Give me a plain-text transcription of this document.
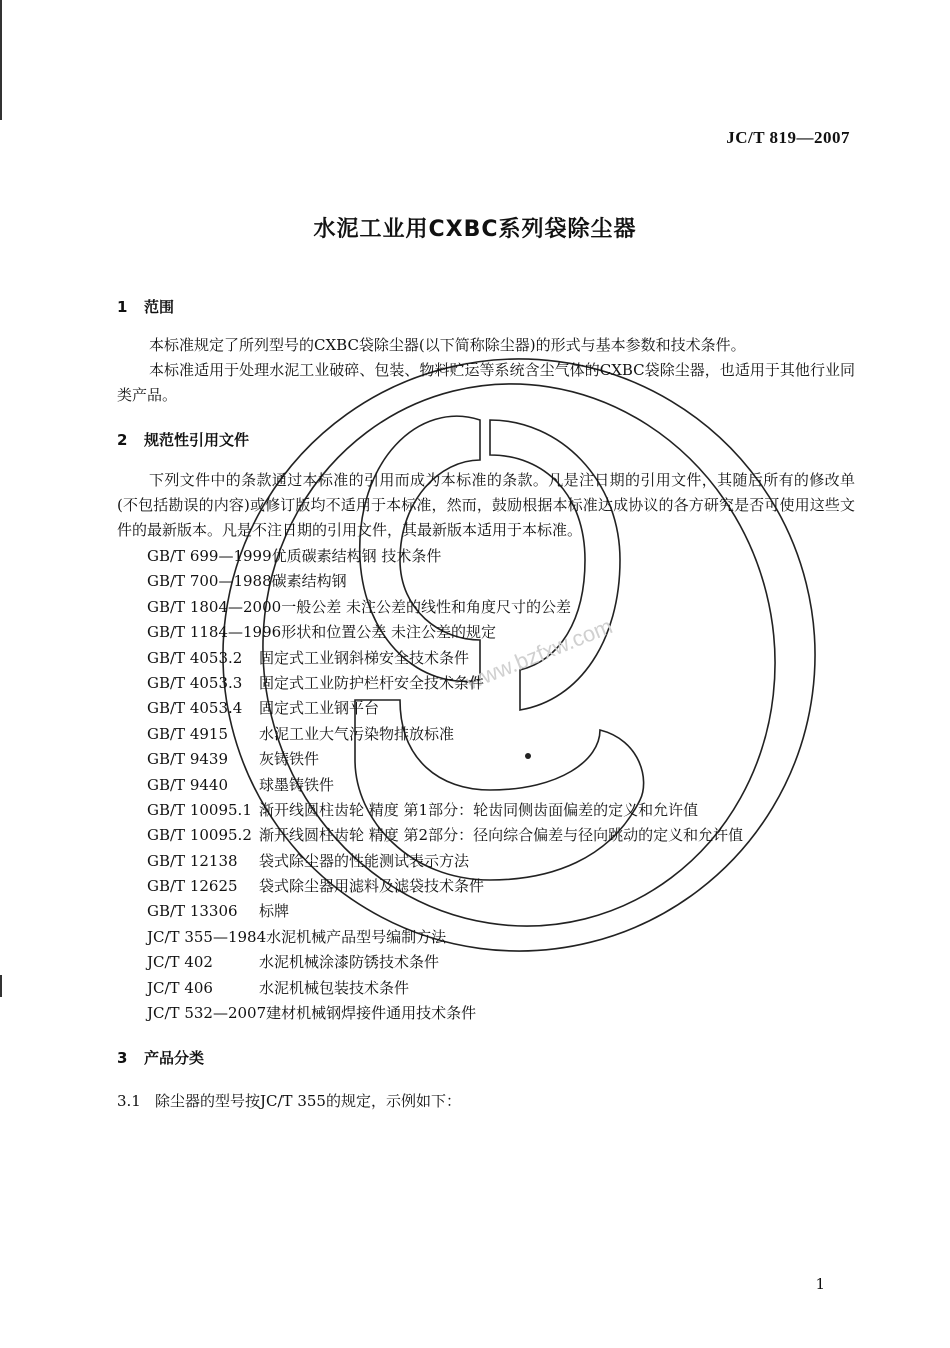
www.bzfxw.com
JC/T 819—2007
水泥工业用CXBC系列袋除尘器
1 范围
本标准规定了所列型号的CXBC袋除尘器(以下简称除尘器)的形式与基本参数和技术条件。
本标准适用于处理水泥工业破碎、包装、物料贮运等系统含尘气体的CXBC袋除尘器，也适用于其他行业同类产品。
2 规范性引用文件
下列文件中的条款通过本标准的引用而成为本标准的条款。凡是注日期的引用文件，其随后所有的修改单(不包括勘误的内容)或修订版均不适用于本标准，然而，鼓励根据本标准达成协议的各方研究是否可使用这些文件的最新版本。凡是不注日期的引用文件，其最新版本适用于本标准。
GB/T 699—1999优质碳素结构钢 技术条件
GB/T 700—1988碳素结构钢
GB/T 1804—2000一般公差 未注公差的线性和角度尺寸的公差
GB/T 1184—1996形状和位置公差 未注公差的规定
GB/T 4053.2 固定式工业钢斜梯安全技术条件
GB/T 4053.3 固定式工业防护栏杆安全技术条件
GB/T 4053.4 固定式工业钢平台
GB/T 4915 水泥工业大气污染物排放标准
GB/T 9439 灰铸铁件
GB/T 9440 球墨铸铁件
GB/T 10095.1 渐开线圆柱齿轮 精度 第1部分：轮齿同侧齿面偏差的定义和允许值
GB/T 10095.2 渐开线圆柱齿轮 精度 第2部分：径向综合偏差与径向跳动的定义和允许值
GB/T 12138 袋式除尘器的性能测试表示方法
GB/T 12625 袋式除尘器用滤料及滤袋技术条件
GB/T 13306 标牌
JC/T 355—1984水泥机械产品型号编制方法
JC/T 402	水泥机械涂漆防锈技术条件
JC/T 406	水泥机械包装技术条件
JC/T 532—2007建材机械钢焊接件通用技术条件
3 产品分类
3.1 除尘器的型号按JC/T 355的规定，示例如下：
1
